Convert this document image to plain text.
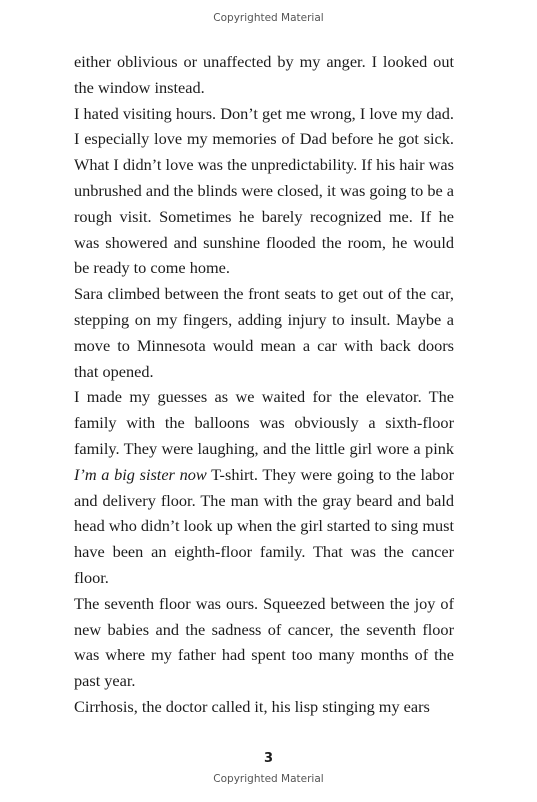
Copyrighted Material

either oblivious or unaffected by my anger. I looked out the window instead.

I hated visiting hours. Don’t get me wrong, I love my dad. I especially love my memories of Dad before he got sick. What I didn’t love was the unpredictability. If his hair was unbrushed and the blinds were closed, it was going to be a rough visit. Sometimes he barely recognized me. If he was showered and sunshine flooded the room, he would be ready to come home.

Sara climbed between the front seats to get out of the car, stepping on my fingers, adding injury to insult. Maybe a move to Minnesota would mean a car with back doors that opened.

I made my guesses as we waited for the elevator. The family with the balloons was obviously a sixth-floor family. They were laughing, and the little girl wore a pink I’m a big sister now T-shirt. They were going to the labor and delivery floor. The man with the gray beard and bald head who didn’t look up when the girl started to sing must have been an eighth-floor family. That was the cancer floor.

The seventh floor was ours. Squeezed between the joy of new babies and the sadness of cancer, the seventh floor was where my father had spent too many months of the past year.

Cirrhosis, the doctor called it, his lisp stinging my ears

3
Copyrighted Material
